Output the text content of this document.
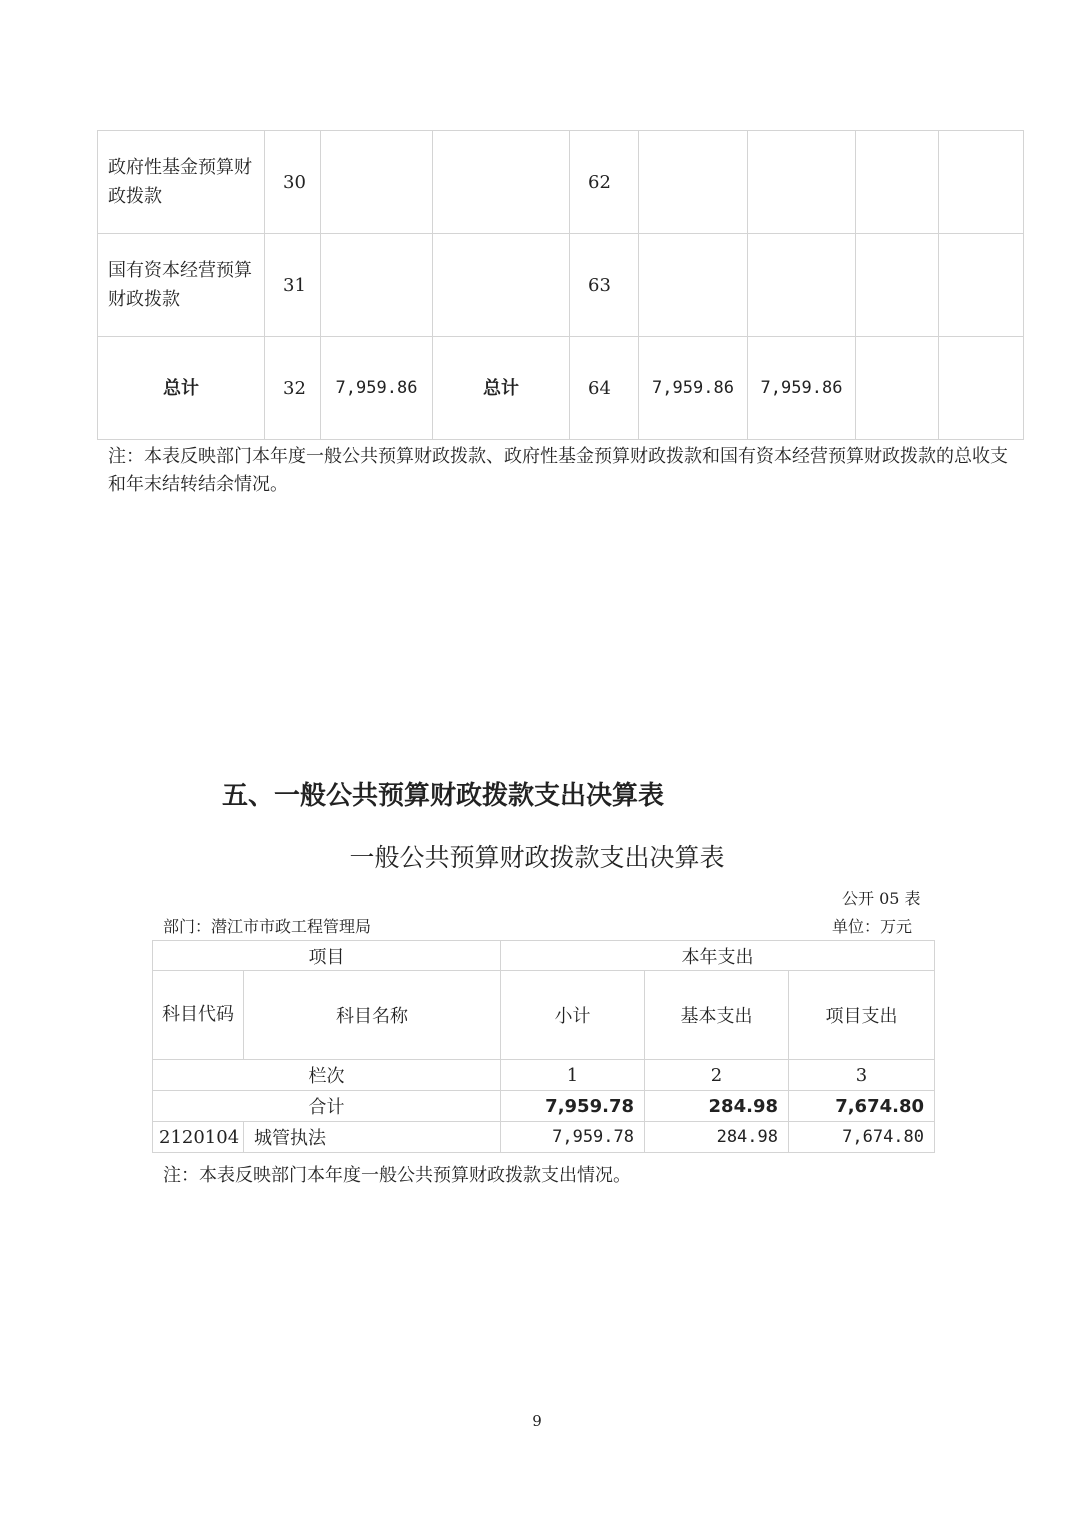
政府性基金预算财政拨款	30			62				
国有资本经营预算财政拨款	31			63				
总计	32	7,959.86	总计	64	7,959.86	7,959.86		
注：本表反映部门本年度一般公共预算财政拨款、政府性基金预算财政拨款和国有资本经营预算财政拨款的总收支和年末结转结余情况。
五、一般公共预算财政拨款支出决算表
一般公共预算财政拨款支出决算表
公开 05 表
部门：潜江市市政工程管理局	单位：万元
项目		本年支出		
科目代码	科目名称	小计	基本支出	项目支出
栏次		1	2	3
合计		7,959.78	284.98	7,674.80
2120104	城管执法	7,959.78	284.98	7,674.80
注：本表反映部门本年度一般公共预算财政拨款支出情况。
9
